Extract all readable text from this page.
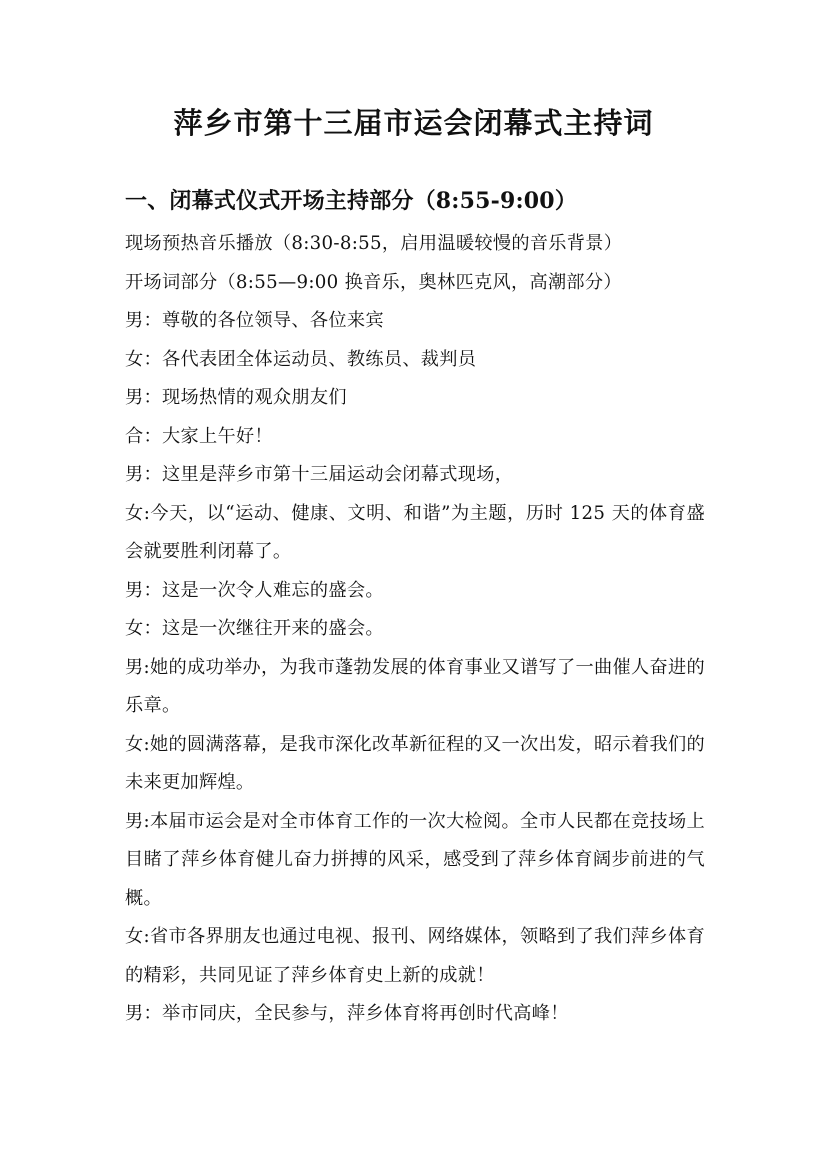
萍乡市第十三届市运会闭幕式主持词
一、闭幕式仪式开场主持部分（8:55-9:00）
现场预热音乐播放（8:30-8:55，启用温暖较慢的音乐背景）
开场词部分（8:55—9:00 换音乐，奥林匹克风，高潮部分）
男：尊敬的各位领导、各位来宾
女：各代表团全体运动员、教练员、裁判员
男：现场热情的观众朋友们
合：大家上午好！
男：这里是萍乡市第十三届运动会闭幕式现场，
女:今天，以“运动、健康、文明、和谐”为主题，历时 125 天的体育盛会就要胜利闭幕了。
男：这是一次令人难忘的盛会。
女：这是一次继往开来的盛会。
男:她的成功举办，为我市蓬勃发展的体育事业又谱写了一曲催人奋进的乐章。
女:她的圆满落幕，是我市深化改革新征程的又一次出发，昭示着我们的未来更加辉煌。
男:本届市运会是对全市体育工作的一次大检阅。全市人民都在竞技场上目睹了萍乡体育健儿奋力拼搏的风采，感受到了萍乡体育阔步前进的气概。
女:省市各界朋友也通过电视、报刊、网络媒体，领略到了我们萍乡体育的精彩，共同见证了萍乡体育史上新的成就！
男：举市同庆，全民参与，萍乡体育将再创时代高峰！
